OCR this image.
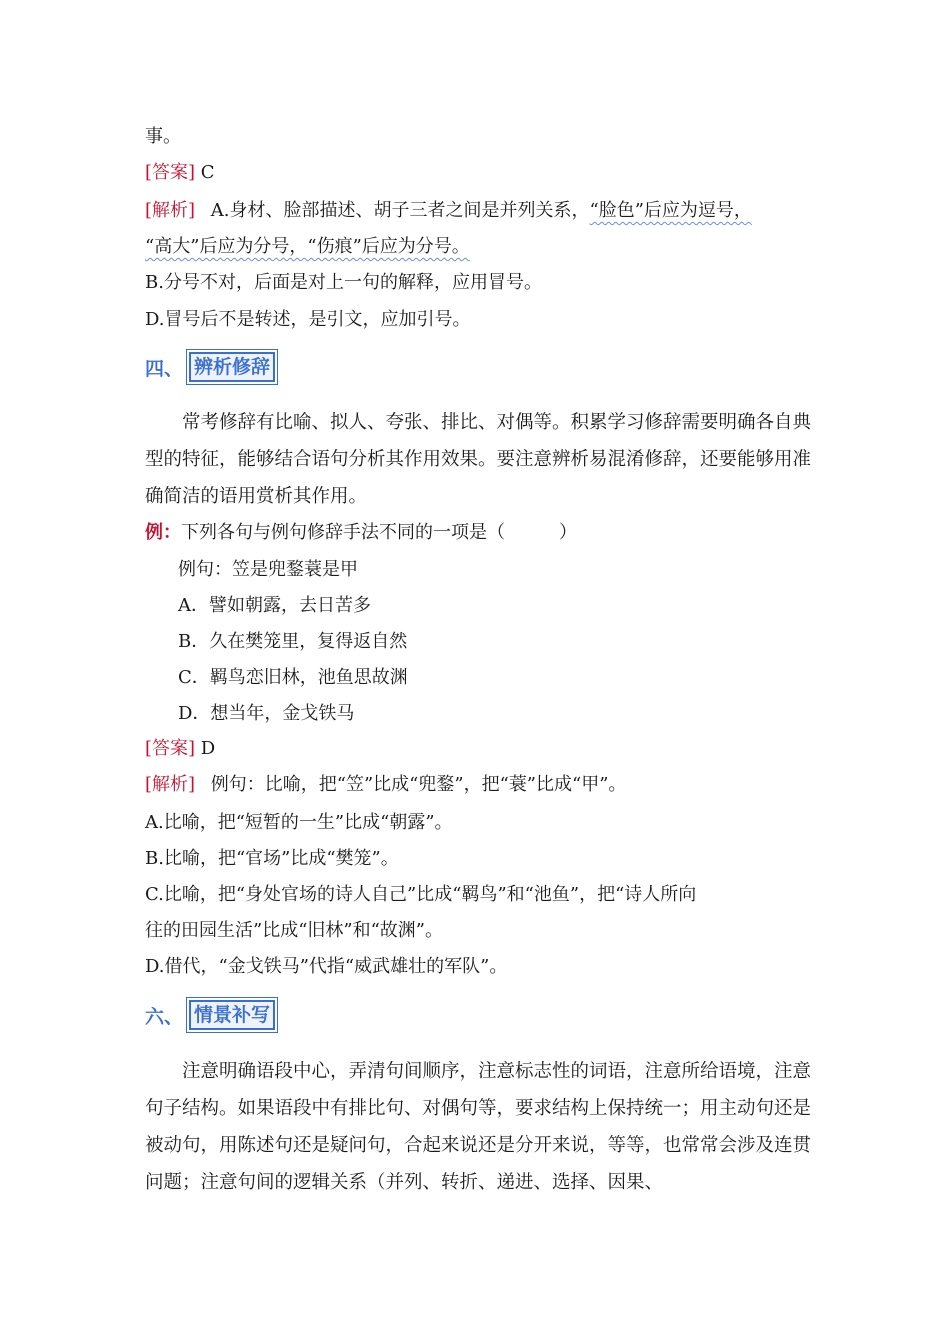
事。
[答案] C
[解析] A.身材、脸部描述、胡子三者之间是并列关系，“脸色”后应为逗号，
“高大”后应为分号，“伤痕”后应为分号。
B.分号不对，后面是对上一句的解释，应用冒号。
D.冒号后不是转述，是引文，应加引号。
四、 辨析修辞
常考修辞有比喻、拟人、夸张、排比、对偶等。积累学习修辞需要明确各自典型的特征，能够结合语句分析其作用效果。要注意辨析易混淆修辞，还要能够用准确简洁的语用赏析其作用。
例：下列各句与例句修辞手法不同的一项是（　　　）
例句：笠是兜鍪蓑是甲
A．譬如朝露，去日苦多
B．久在樊笼里，复得返自然
C．羁鸟恋旧林，池鱼思故渊
D．想当年，金戈铁马
[答案] D
[解析] 例句：比喻，把“笠”比成“兜鍪”，把“蓑”比成“甲”。
A.比喻，把“短暂的一生”比成“朝露”。
B.比喻，把“官场”比成“樊笼”。
C.比喻，把“身处官场的诗人自己”比成“羁鸟”和“池鱼”，把“诗人所向
往的田园生活”比成“旧林”和“故渊”。
D.借代，“金戈铁马”代指“威武雄壮的军队”。
六、 情景补写
注意明确语段中心，弄清句间顺序，注意标志性的词语，注意所给语境，注意句子结构。如果语段中有排比句、对偶句等，要求结构上保持统一；用主动句还是被动句，用陈述句还是疑问句，合起来说还是分开来说，等等，也常常会涉及连贯问题；注意句间的逻辑关系（并列、转折、递进、选择、因果、
